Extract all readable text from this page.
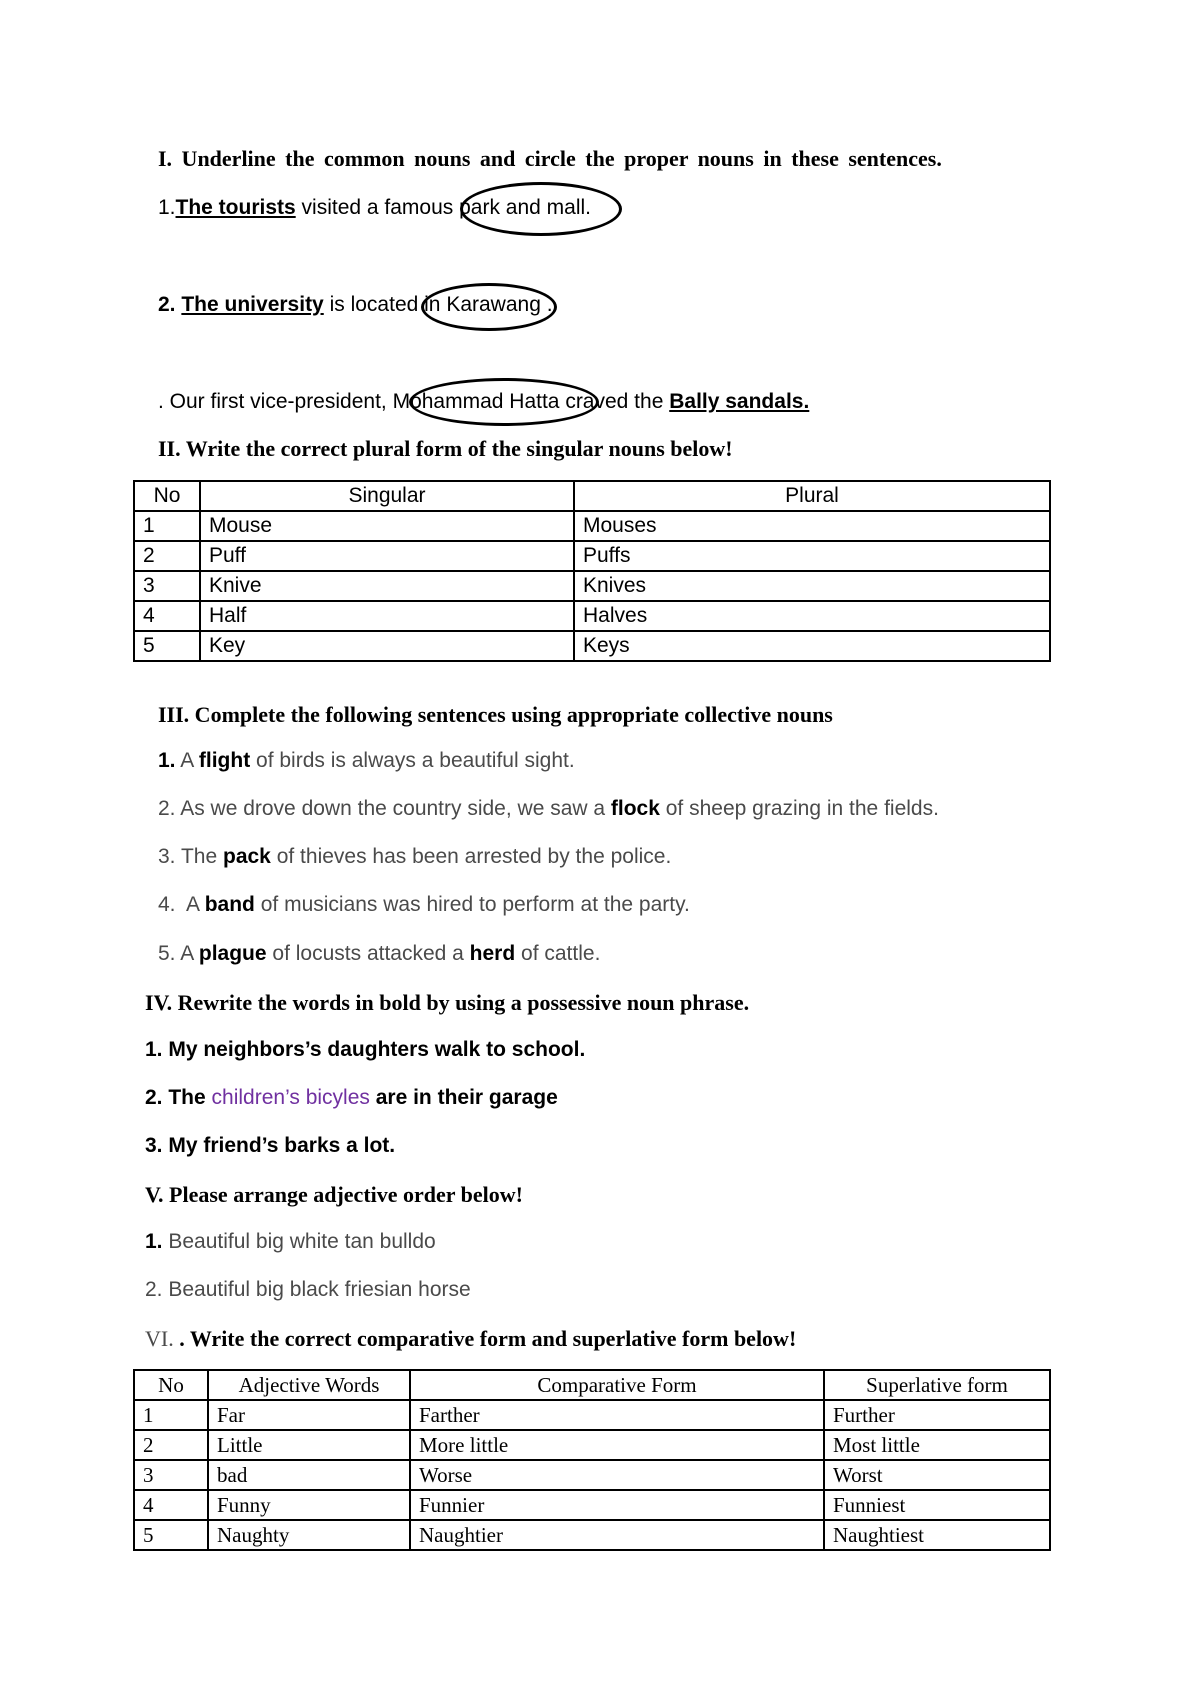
I. Underline the common nouns and circle the proper nouns in these sentences.
1.The tourists visited a famous park and mall.
2. The university is located in Karawang .
. Our first vice-president, Mohammad Hatta craved the Bally sandals.
II. Write the correct plural form of the singular nouns below!
No	Singular	Plural
1	Mouse	Mouses
2	Puff	Puffs
3	Knive	Knives
4	Half	Halves
5	Key	Keys
III. Complete the following sentences using appropriate collective nouns
1. A flight of birds is always a beautiful sight.
2. As we drove down the country side, we saw a flock of sheep grazing in the fields.
3. The pack of thieves has been arrested by the police.
4.  A band of musicians was hired to perform at the party.
5. A plague of locusts attacked a herd of cattle.
IV. Rewrite the words in bold by using a possessive noun phrase.
1. My neighbors’s daughters walk to school.
2. The children’s bicyles are in their garage
3. My friend’s barks a lot.
V. Please arrange adjective order below!
1. Beautiful big white tan bulldo
2. Beautiful big black friesian horse
VI. . Write the correct comparative form and superlative form below!
No	Adjective Words	Comparative Form	Superlative form
1	Far	Farther	Further
2	Little	More little	Most little
3	bad	Worse	Worst
4	Funny	Funnier	Funniest
5	Naughty	Naughtier	Naughtiest
